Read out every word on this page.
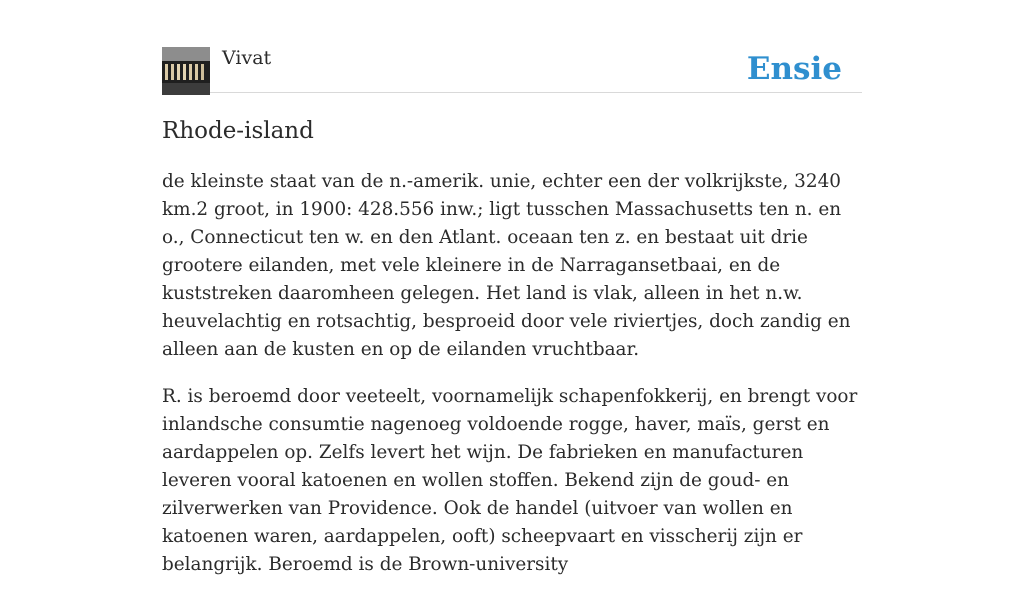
Vivat	Ensie
Rhode-island

de kleinste staat van de n.-amerik. unie, echter een der volkrijkste, 3240 km.2 groot, in 1900: 428.556 inw.; ligt tusschen Massachusetts ten n. en o., Connecticut ten w. en den Atlant. oceaan ten z. en bestaat uit drie grootere eilanden, met vele kleinere in de Narragansetbaai, en de kuststreken daaromheen gelegen. Het land is vlak, alleen in het n.w. heuvelachtig en rotsachtig, besproeid door vele riviertjes, doch zandig en alleen aan de kusten en op de eilanden vruchtbaar.

R. is beroemd door veeteelt, voornamelijk schapenfokkerij, en brengt voor inlandsche consumtie nagenoeg voldoende rogge, haver, maïs, gerst en aardappelen op. Zelfs levert het wijn. De fabrieken en manufacturen leveren vooral katoenen en wollen stoffen. Bekend zijn de goud- en zilverwerken van Providence. Ook de handel (uitvoer van wollen en katoenen waren, aardappelen, ooft) scheepvaart en visscherij zijn er belangrijk. Beroemd is de Brown-university
